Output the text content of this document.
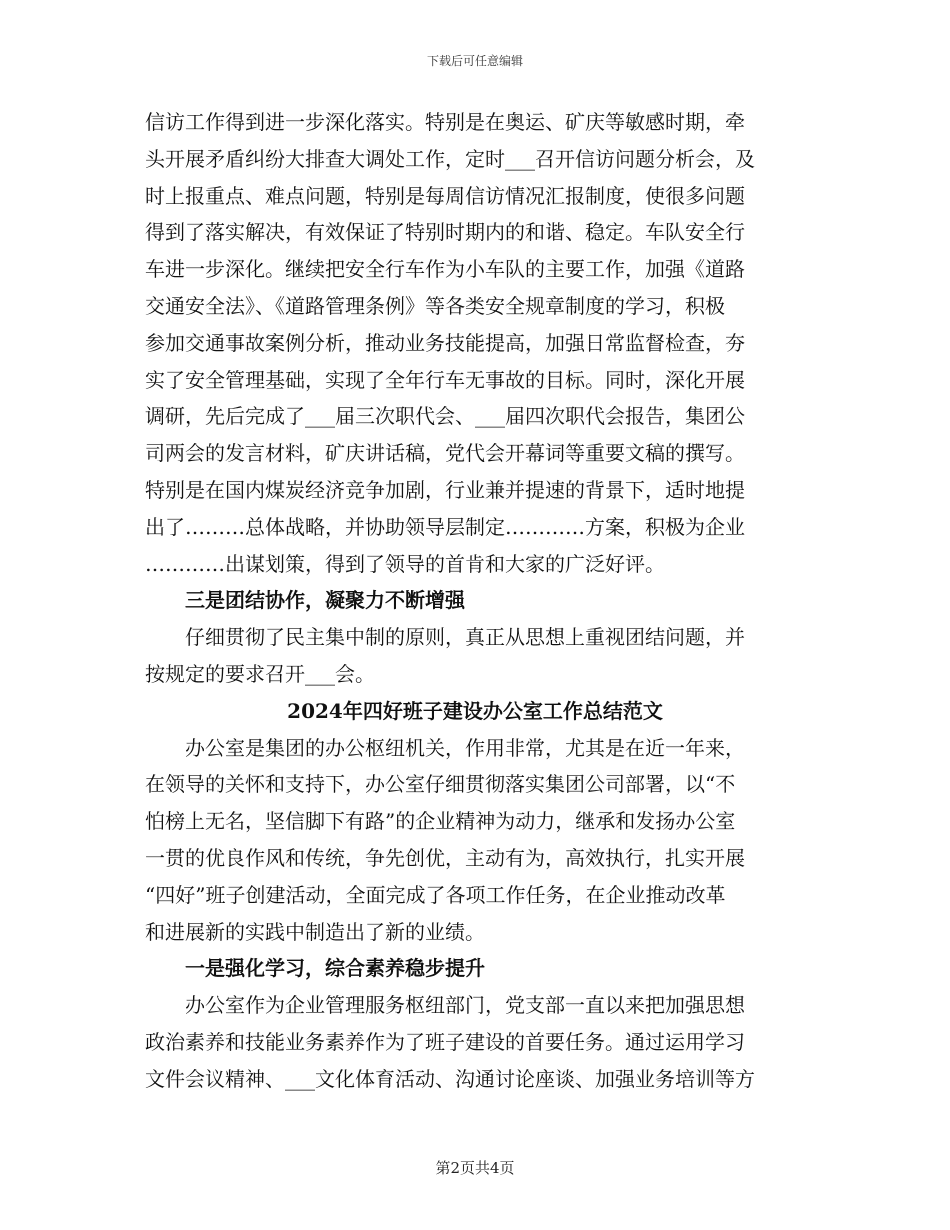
下载后可任意编辑

信访工作得到进一步深化落实。特别是在奥运、矿庆等敏感时期，牵

头开展矛盾纠纷大排查大调处工作，定时___召开信访问题分析会，及

时上报重点、难点问题，特别是每周信访情况汇报制度，使很多问题

得到了落实解决，有效保证了特别时期内的和谐、稳定。车队安全行

车进一步深化。继续把安全行车作为小车队的主要工作，加强《道路

交通安全法》、《道路管理条例》等各类安全规章制度的学习，积极

参加交通事故案例分析，推动业务技能提高，加强日常监督检查，夯

实了安全管理基础，实现了全年行车无事故的目标。同时，深化开展

调研，先后完成了___届三次职代会、___届四次职代会报告，集团公

司两会的发言材料，矿庆讲话稿，党代会开幕词等重要文稿的撰写。

特别是在国内煤炭经济竞争加剧，行业兼并提速的背景下，适时地提

出了………总体战略，并协助领导层制定…………方案，积极为企业

…………出谋划策，得到了领导的首肯和大家的广泛好评。

三是团结协作，凝聚力不断增强

仔细贯彻了民主集中制的原则，真正从思想上重视团结问题，并

按规定的要求召开___会。

2024年四好班子建设办公室工作总结范文

办公室是集团的办公枢纽机关，作用非常，尤其是在近一年来，

在领导的关怀和支持下，办公室仔细贯彻落实集团公司部署，以“不

怕榜上无名，坚信脚下有路”的企业精神为动力，继承和发扬办公室

一贯的优良作风和传统，争先创优，主动有为，高效执行，扎实开展

“四好”班子创建活动，全面完成了各项工作任务，在企业推动改革

和进展新的实践中制造出了新的业绩。

一是强化学习，综合素养稳步提升

办公室作为企业管理服务枢纽部门，党支部一直以来把加强思想

政治素养和技能业务素养作为了班子建设的首要任务。通过运用学习

文件会议精神、___文化体育活动、沟通讨论座谈、加强业务培训等方

第2页共4页
